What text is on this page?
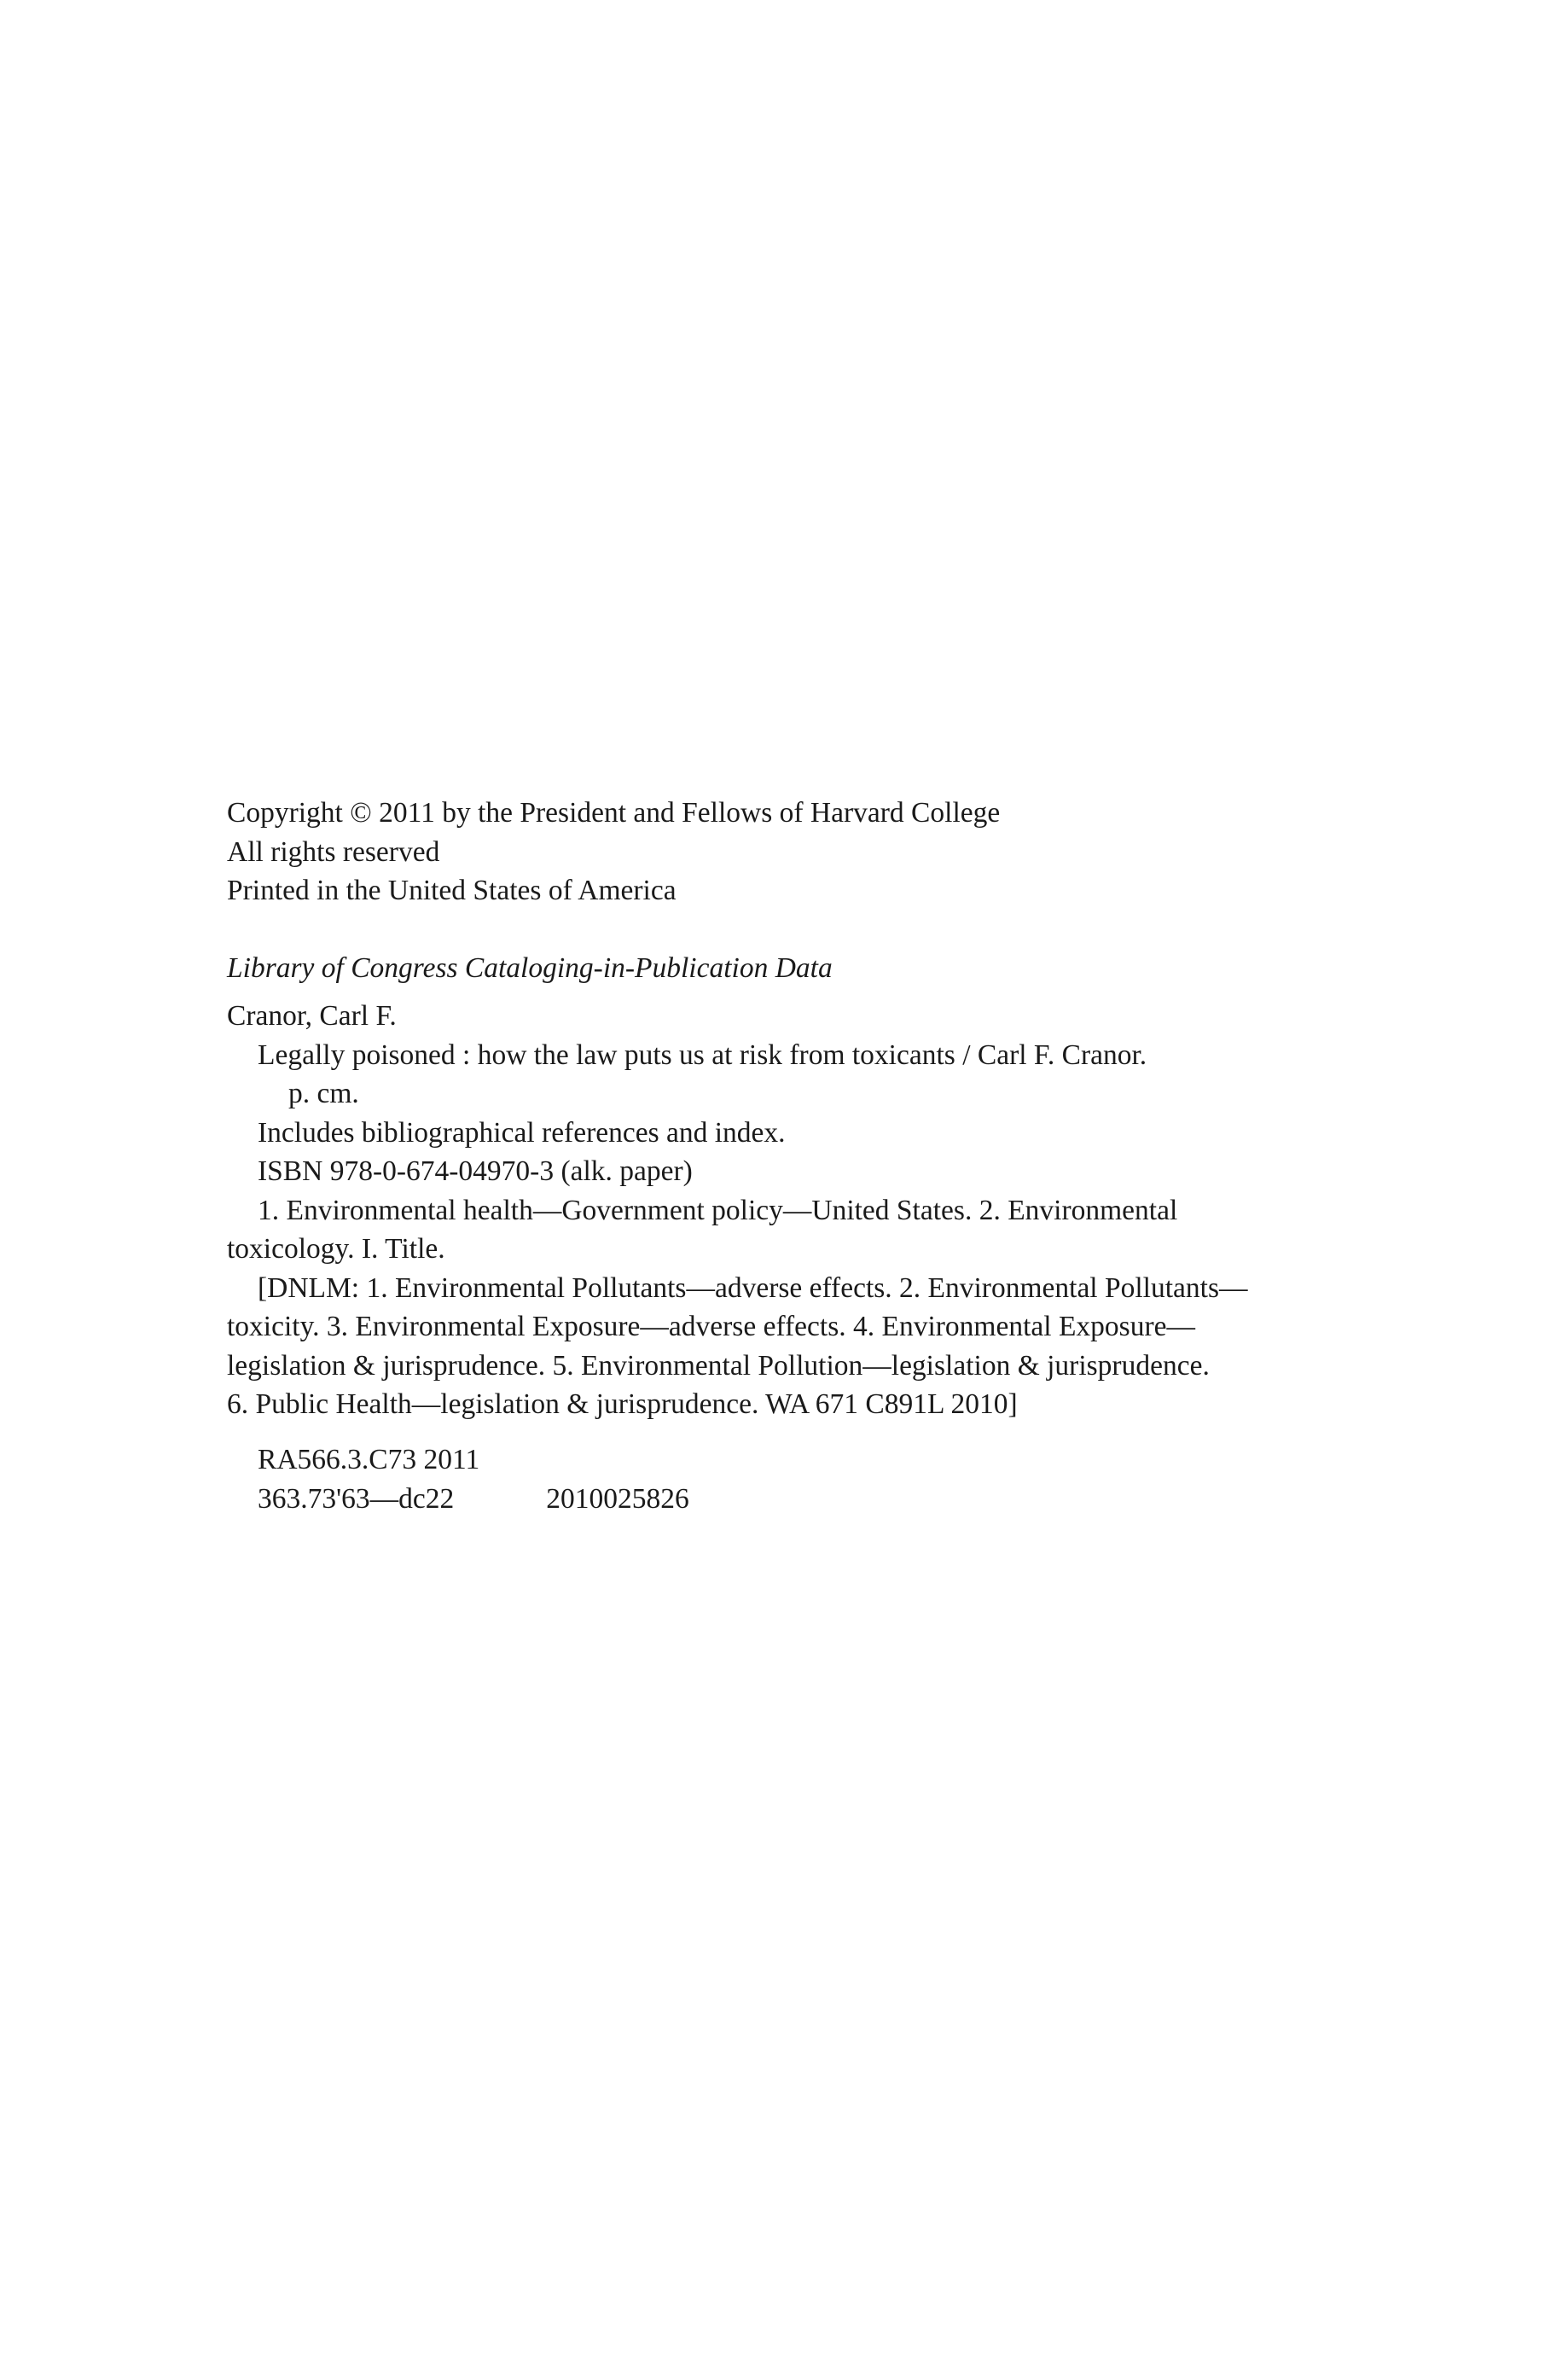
Copyright © 2011 by the President and Fellows of Harvard College
All rights reserved
Printed in the United States of America
Library of Congress Cataloging-in-Publication Data
Cranor, Carl F.
Legally poisoned : how the law puts us at risk from toxicants / Carl F. Cranor.
p. cm.
Includes bibliographical references and index.
ISBN 978-0-674-04970-3 (alk. paper)
1. Environmental health—Government policy—United States. 2. Environmental
toxicology. I. Title.
[DNLM: 1. Environmental Pollutants—adverse effects. 2. Environmental Pollutants—
toxicity. 3. Environmental Exposure—adverse effects. 4. Environmental Exposure—
legislation & jurisprudence. 5. Environmental Pollution—legislation & jurisprudence.
6. Public Health—legislation & jurisprudence. WA 671 C891L 2010]
RA566.3.C73 2011
363.73'63—dc22	2010025826
